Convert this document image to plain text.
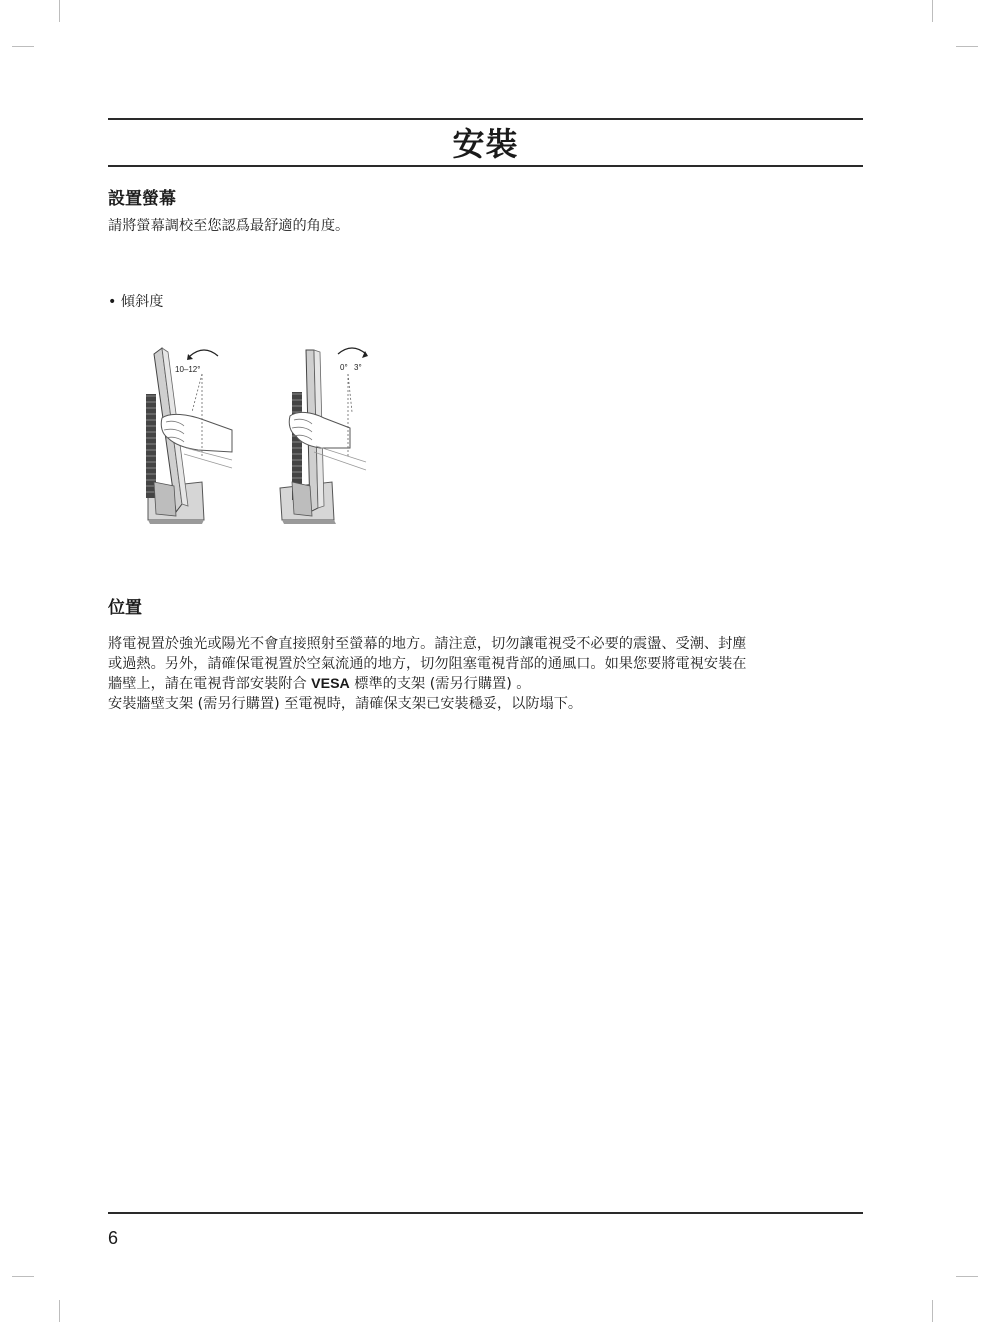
安裝
設置螢幕
請將螢幕調校至您認爲最舒適的角度。
• 傾斜度
10–12°	0° 3°
位置
將電視置於強光或陽光不會直接照射至螢幕的地方。請注意，切勿讓電視受不必要的震盪、受潮、封塵
或過熱。另外，請確保電視置於空氣流通的地方，切勿阻塞電視背部的通風口。如果您要將電視安裝在
牆壁上，請在電視背部安裝附合 VESA 標準的支架 (需另行購置) 。
安裝牆壁支架 (需另行購置) 至電視時，請確保支架已安裝穩妥，以防塌下。
6
